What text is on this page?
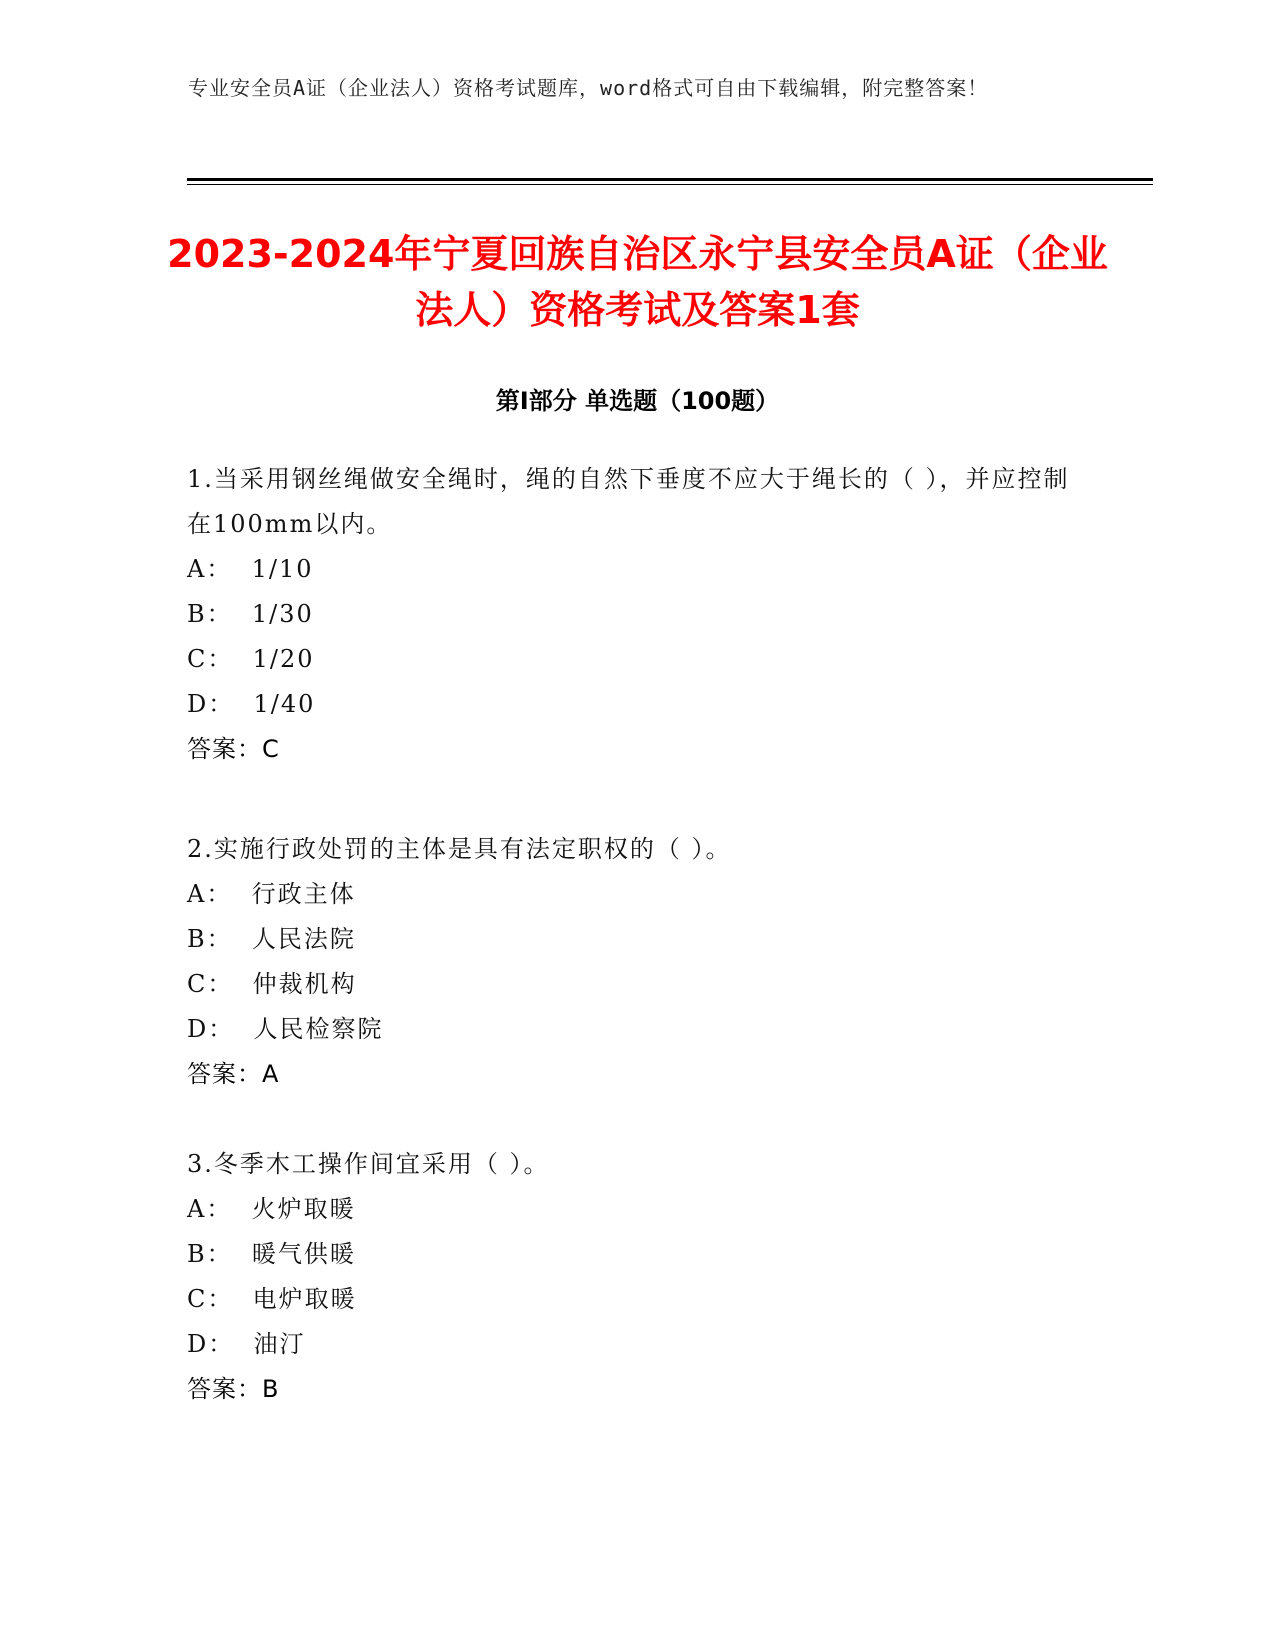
专业安全员A证（企业法人）资格考试题库，word格式可自由下载编辑，附完整答案！
2023-2024年宁夏回族自治区永宁县安全员A证（企业法人）资格考试及答案1套
第I部分 单选题（100题）
1.当采用钢丝绳做安全绳时，绳的自然下垂度不应大于绳长的（ ），并应控制在100mm以内。
A：  1/10
B：  1/30
C：  1/20
D：  1/40
答案：C
2.实施行政处罚的主体是具有法定职权的（ ）。
A：  行政主体
B：  人民法院
C：  仲裁机构
D：  人民检察院
答案：A
3.冬季木工操作间宜采用（ ）。
A：  火炉取暖
B：  暖气供暖
C：  电炉取暖
D：  油汀
答案：B
